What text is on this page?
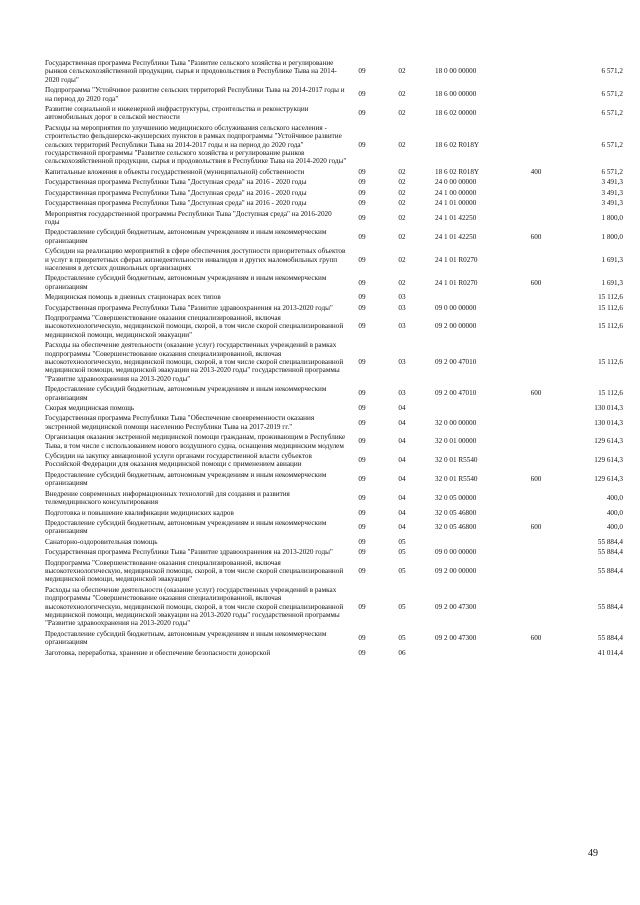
Государственная программа Республики Тыва "Развитие сельского хозяйства и регулирование рынков сельскохозяйственной продукции, сырья и продовольствия в Республике Тыва на 2014-2020 годы"	09	02	18 0 00 00000		6 571,2
Подпрограмма "Устойчивое развитие сельских территорий Республики Тыва на 2014-2017 годы и на период до 2020 года"	09	02	18 6 00 00000		6 571,2
Развитие социальной и инженерной инфраструктуры, строительства и реконструкции автомобильных дорог в сельской местности	09	02	18 6 02 00000		6 571,2
Расходы на мероприятия по улучшению медицинского обслуживания сельского населения - строительство фельдшерско-акушерских пунктов в рамках подпрограммы "Устойчивое развитие сельских территорий Республики Тыва на 2014-2017 годы и на период до 2020 года" государственной программы "Развитие сельского хозяйства и регулирование рынков сельскохозяйственной продукции, сырья и продовольствия в Республике Тыва на 2014-2020 годы"	09	02	18 6 02 R018Y		6 571,2
Капитальные вложения в объекты государственной (муниципальной) собственности	09	02	18 6 02 R018Y	400	6 571,2
Государственная программа Республики Тыва "Доступная среда" на 2016 - 2020 годы	09	02	24 0 00 00000		3 491,3
Государственная программа Республики Тыва "Доступная среда" на 2016 - 2020 годы	09	02	24 1 00 00000		3 491,3
Государственная программа Республики Тыва "Доступная среда" на 2016 - 2020 годы	09	02	24 1 01 00000		3 491,3
Мероприятия государственной программы Республики Тыва "Доступная среда" на 2016-2020 годы	09	02	24 1 01 42250		1 800,0
Предоставление субсидий бюджетным, автономным учреждениям и иным некоммерческим организациям	09	02	24 1 01 42250	600	1 800,0
Субсидии на реализацию мероприятий в сфере обеспечения доступности приоритетных объектов и услуг в приоритетных сферах жизнедеятельности инвалидов и других маломобильных групп населения в детских дошкольных организациях	09	02	24 1 01 R0270		1 691,3
Предоставление субсидий бюджетным, автономным учреждениям и иным некоммерческим организациям	09	02	24 1 01 R0270	600	1 691,3
Медицинская помощь в дневных стационарах всех типов	09	03			15 112,6
Государственная программа Республики Тыва "Развитие здравоохранения на 2013-2020 годы"	09	03	09 0 00 00000		15 112,6
Подпрограмма "Совершенствование оказания специализированной, включая высокотехнологическую, медицинской помощи, скорой, в том числе скорой специализированной медицинской помощи, медицинской эвакуации"	09	03	09 2 00 00000		15 112,6
Расходы на обеспечение деятельности (оказание услуг) государственных учреждений в рамках подпрограммы "Совершенствование оказания специализированной, включая высокотехнологическую, медицинской помощи, скорой, в том числе скорой специализированной медицинской помощи, медицинской эвакуации на 2013-2020 годы" государственной программы "Развитие здравоохранения на 2013-2020 годы"	09	03	09 2 00 47010		15 112,6
Предоставление субсидий бюджетным, автономным учреждениям и иным некоммерческим организациям	09	03	09 2 00 47010	600	15 112,6
Скорая медицинская помощь	09	04			130 014,3
Государственная программа Республики Тыва "Обеспечение своевременности оказания экстренной медицинской помощи населению Республики Тыва на 2017-2019 гг."	09	04	32 0 00 00000		130 014,3
Организация оказания экстренной медицинской помощи гражданам, проживающим в Республике Тыва, в том числе с использованием нового воздушного судна, оснащения медицинским модулем	09	04	32 0 01 00000		129 614,3
Субсидии на закупку авиационной услуги органами государственной власти субъектов Российской Федерации для оказания медицинской помощи с применением авиации	09	04	32 0 01 R5540		129 614,3
Предоставление субсидий бюджетным, автономным учреждениям и иным некоммерческим организациям	09	04	32 0 01 R5540	600	129 614,3
Внедрение современных информационных технологий для создания и развития телемедицинского консультирования	09	04	32 0 05 00000		400,0
Подготовка и повышение квалификации медицинских кадров	09	04	32 0 05 46800		400,0
Предоставление субсидий бюджетным, автономным учреждениям и иным некоммерческим организациям	09	04	32 0 05 46800	600	400,0
Санаторно-оздоровительная помощь	09	05			55 884,4
Государственная программа Республики Тыва "Развитие здравоохранения на 2013-2020 годы"	09	05	09 0 00 00000		55 884,4
Подпрограмма "Совершенствование оказания специализированной, включая высокотехнологическую, медицинской помощи, скорой, в том числе скорой специализированной медицинской помощи, медицинской эвакуации"	09	05	09 2 00 00000		55 884,4
Расходы на обеспечение деятельности (оказание услуг) государственных учреждений в рамках подпрограммы "Совершенствование оказания специализированной, включая высокотехнологическую, медицинской помощи, скорой, в том числе скорой специализированной медицинской помощи, медицинской эвакуации на 2013-2020 годы" государственной программы "Развитие здравоохранения на 2013-2020 годы"	09	05	09 2 00 47300		55 884,4
Предоставление субсидий бюджетным, автономным учреждениям и иным некоммерческим организациям	09	05	09 2 00 47300	600	55 884,4
Заготовка, переработка, хранение и обеспечение безопасности донорской	09	06			41 014,4
49
